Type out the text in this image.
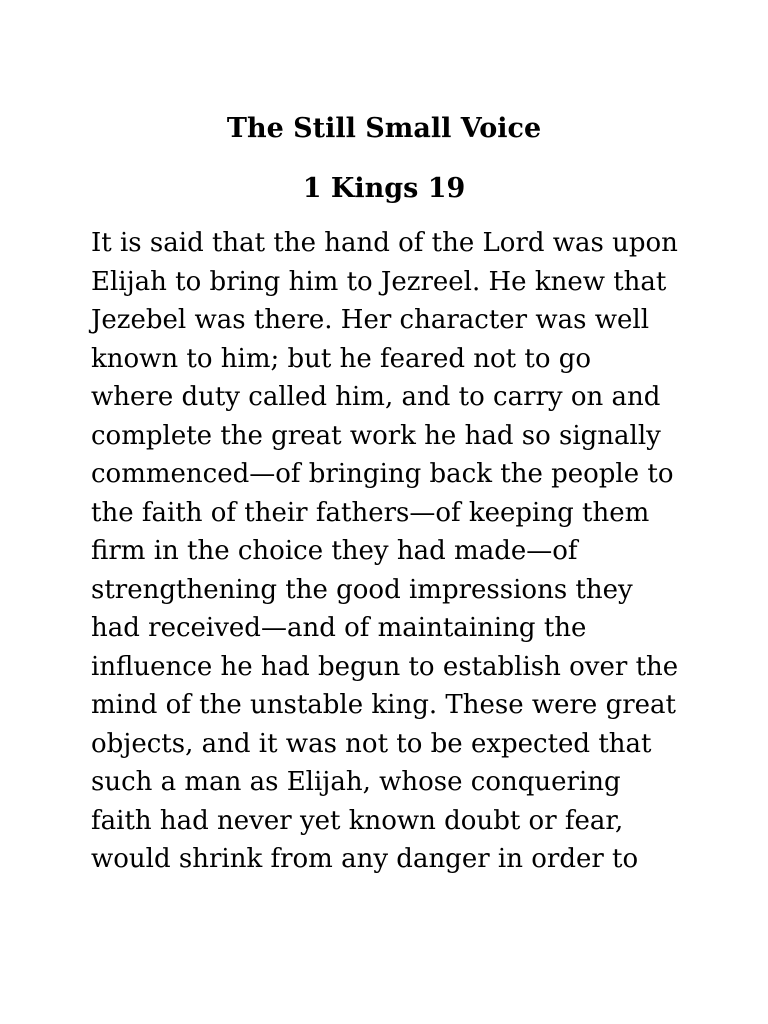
The Still Small Voice
1 Kings 19

It is said that the hand of the Lord was upon
Elijah to bring him to Jezreel. He knew that
Jezebel was there. Her character was well
known to him; but he feared not to go
where duty called him, and to carry on and
complete the great work he had so signally
commenced—of bringing back the people to
the faith of their fathers—of keeping them
firm in the choice they had made—of
strengthening the good impressions they
had received—and of maintaining the
influence he had begun to establish over the
mind of the unstable king. These were great
objects, and it was not to be expected that
such a man as Elijah, whose conquering
faith had never yet known doubt or fear,
would shrink from any danger in order to
